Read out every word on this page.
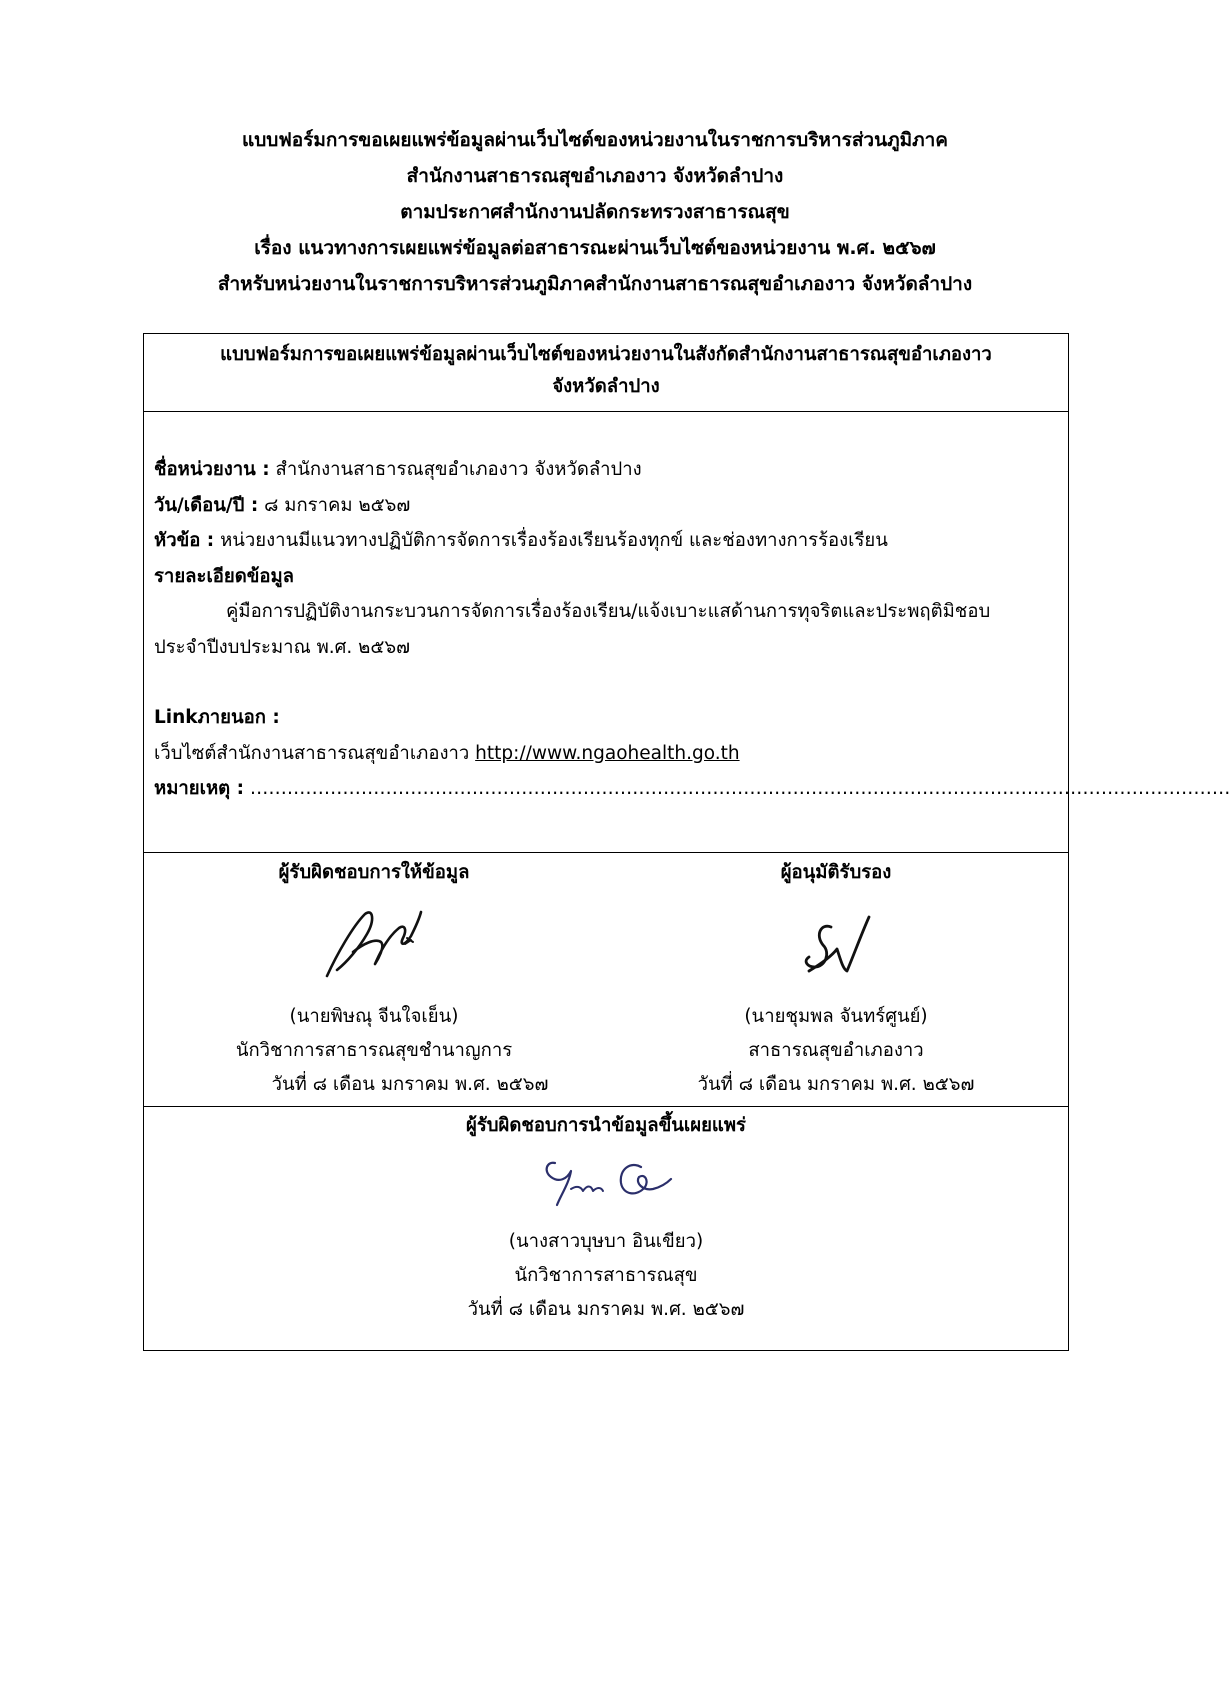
แบบฟอร์มการขอเผยแพร่ข้อมูลผ่านเว็บไซต์ของหน่วยงานในราชการบริหารส่วนภูมิภาค
สำนักงานสาธารณสุขอำเภองาว จังหวัดลำปาง
ตามประกาศสำนักงานปลัดกระทรวงสาธารณสุข
เรื่อง แนวทางการเผยแพร่ข้อมูลต่อสาธารณะผ่านเว็บไซต์ของหน่วยงาน พ.ศ. ๒๕๖๗
สำหรับหน่วยงานในราชการบริหารส่วนภูมิภาคสำนักงานสาธารณสุขอำเภองาว จังหวัดลำปาง
แบบฟอร์มการขอเผยแพร่ข้อมูลผ่านเว็บไซต์ของหน่วยงานในสังกัดสำนักงานสาธารณสุขอำเภองาว
จังหวัดลำปาง
ชื่อหน่วยงาน : สำนักงานสาธารณสุขอำเภองาว จังหวัดลำปาง
วัน/เดือน/ปี : ๘ มกราคม ๒๕๖๗
หัวข้อ : หน่วยงานมีแนวทางปฏิบัติการจัดการเรื่องร้องเรียนร้องทุกข์ และช่องทางการร้องเรียน
รายละเอียดข้อมูล
คู่มือการปฏิบัติงานกระบวนการจัดการเรื่องร้องเรียน/แจ้งเบาะแสด้านการทุจริตและประพฤติมิชอบ
ประจำปีงบประมาณ พ.ศ. ๒๕๖๗
Linkภายนอก :
เว็บไซต์สำนักงานสาธารณสุขอำเภองาว http://www.ngaohealth.go.th
หมายเหตุ : ……………………………………………………………………………………………………………………………………………
ผู้รับผิดชอบการให้ข้อมูล
(นายพิษณุ จีนใจเย็น)
นักวิชาการสาธารณสุขชำนาญการ
วันที่ ๘ เดือน มกราคม พ.ศ. ๒๕๖๗
ผู้อนุมัติรับรอง
(นายชุมพล จันทร์ศูนย์)
สาธารณสุขอำเภองาว
วันที่ ๘ เดือน มกราคม พ.ศ. ๒๕๖๗
ผู้รับผิดชอบการนำข้อมูลขึ้นเผยแพร่
(นางสาวบุษบา อินเขียว)
นักวิชาการสาธารณสุข
วันที่ ๘ เดือน มกราคม พ.ศ. ๒๕๖๗
